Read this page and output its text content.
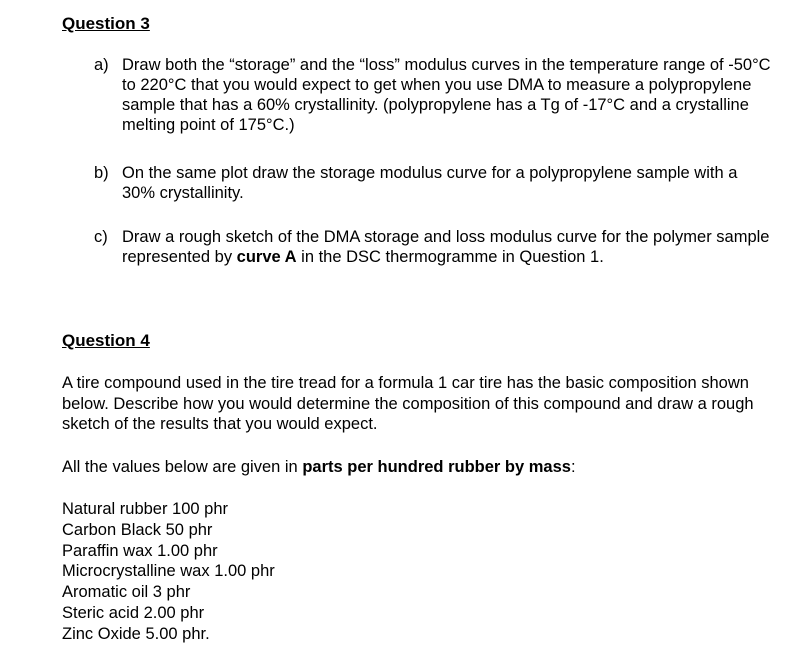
Question 3
a) Draw both the “storage” and the “loss” modulus curves in the temperature range of -50°C to 220°C that you would expect to get when you use DMA to measure a polypropylene sample that has a 60% crystallinity. (polypropylene has a Tg of -17°C and a crystalline melting point of 175°C.)
b) On the same plot draw the storage modulus curve for a polypropylene sample with a 30% crystallinity.
c) Draw a rough sketch of the DMA storage and loss modulus curve for the polymer sample represented by curve A in the DSC thermogramme in Question 1.
Question 4

A tire compound used in the tire tread for a formula 1 car tire has the basic composition shown below. Describe how you would determine the composition of this compound and draw a rough sketch of the results that you would expect.

All the values below are given in parts per hundred rubber by mass:

Natural rubber 100 phr
Carbon Black 50 phr
Paraffin wax 1.00 phr
Microcrystalline wax 1.00 phr
Aromatic oil 3 phr
Steric acid 2.00 phr
Zinc Oxide 5.00 phr.
